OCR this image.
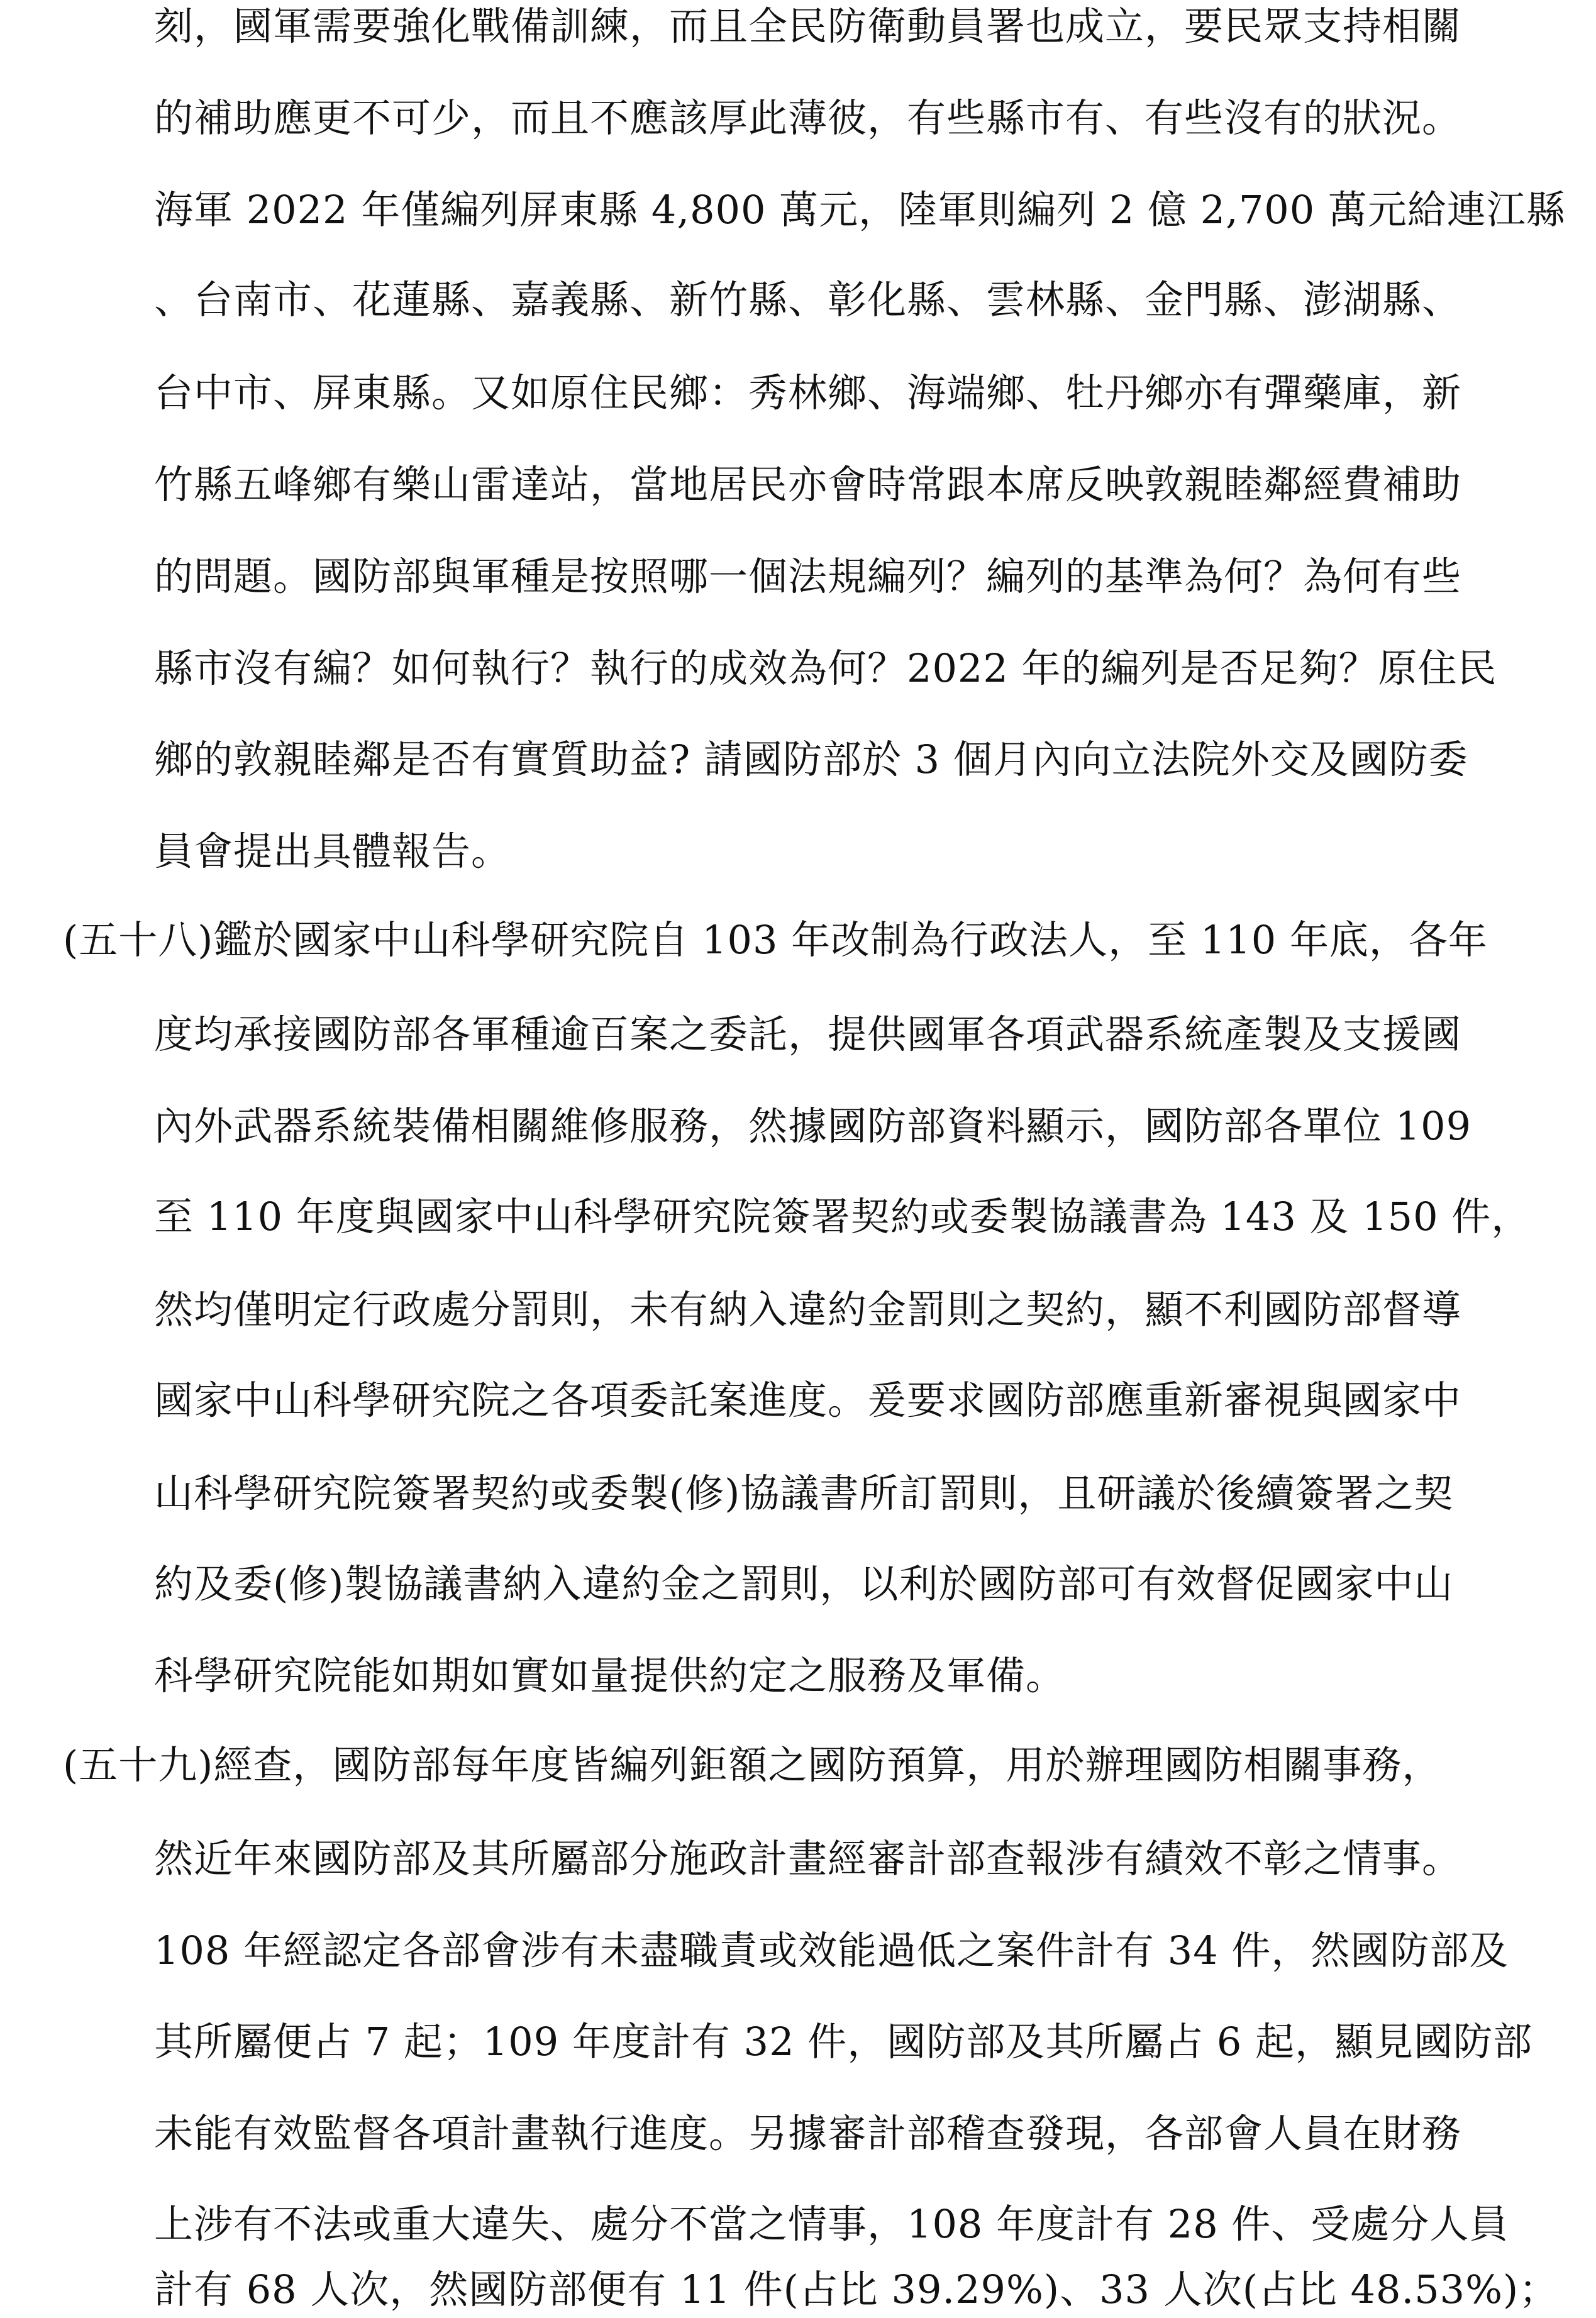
刻，國軍需要強化戰備訓練，而且全民防衛動員署也成立，要民眾支持相關
的補助應更不可少，而且不應該厚此薄彼，有些縣市有、有些沒有的狀況。
海軍 2022 年僅編列屏東縣 4,800 萬元，陸軍則編列 2 億 2,700 萬元給連江縣
、台南市、花蓮縣、嘉義縣、新竹縣、彰化縣、雲林縣、金門縣、澎湖縣、
台中市、屏東縣。又如原住民鄉：秀林鄉、海端鄉、牡丹鄉亦有彈藥庫，新
竹縣五峰鄉有樂山雷達站，當地居民亦會時常跟本席反映敦親睦鄰經費補助
的問題。國防部與軍種是按照哪一個法規編列？編列的基準為何？為何有些
縣市沒有編？如何執行？執行的成效為何？2022 年的編列是否足夠？原住民
鄉的敦親睦鄰是否有實質助益? 請國防部於 3 個月內向立法院外交及國防委
員會提出具體報告。
(五十八)鑑於國家中山科學研究院自 103 年改制為行政法人，至 110 年底，各年
度均承接國防部各軍種逾百案之委託，提供國軍各項武器系統產製及支援國
內外武器系統裝備相關維修服務，然據國防部資料顯示，國防部各單位 109
至 110 年度與國家中山科學研究院簽署契約或委製協議書為 143 及 150 件，
然均僅明定行政處分罰則，未有納入違約金罰則之契約，顯不利國防部督導
國家中山科學研究院之各項委託案進度。爰要求國防部應重新審視與國家中
山科學研究院簽署契約或委製(修)協議書所訂罰則，且研議於後續簽署之契
約及委(修)製協議書納入違約金之罰則，以利於國防部可有效督促國家中山
科學研究院能如期如實如量提供約定之服務及軍備。
(五十九)經查，國防部每年度皆編列鉅額之國防預算，用於辦理國防相關事務，
然近年來國防部及其所屬部分施政計畫經審計部查報涉有績效不彰之情事。
108 年經認定各部會涉有未盡職責或效能過低之案件計有 34 件，然國防部及
其所屬便占 7 起；109 年度計有 32 件，國防部及其所屬占 6 起，顯見國防部
未能有效監督各項計畫執行進度。另據審計部稽查發現，各部會人員在財務
上涉有不法或重大違失、處分不當之情事，108 年度計有 28 件、受處分人員
計有 68 人次，然國防部便有 11 件(占比 39.29%)、33 人次(占比 48.53%)；
